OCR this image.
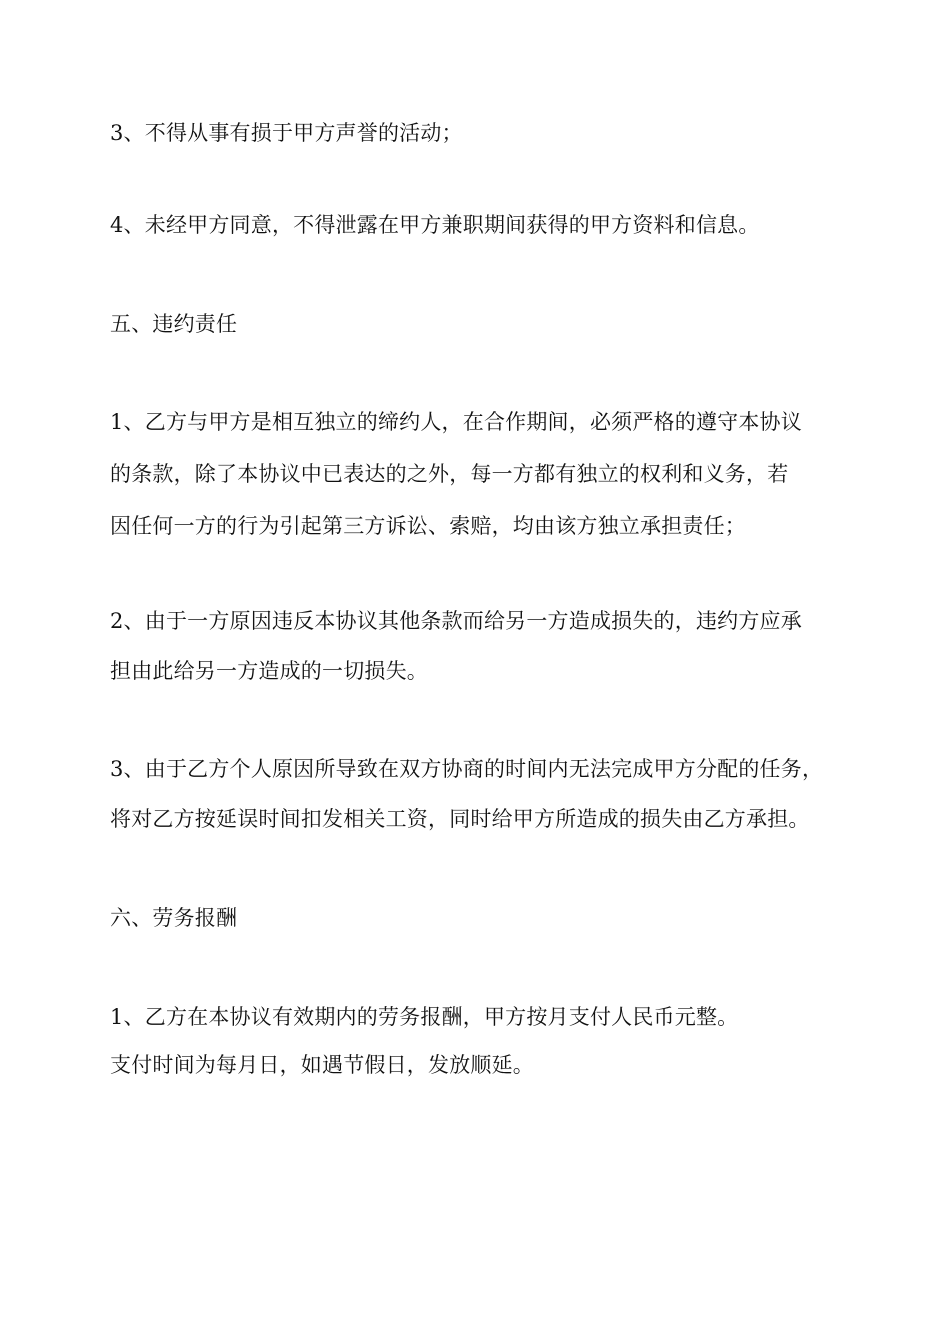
3、不得从事有损于甲方声誉的活动；
4、未经甲方同意，不得泄露在甲方兼职期间获得的甲方资料和信息。
五、违约责任
1、乙方与甲方是相互独立的缔约人，在合作期间，必须严格的遵守本协议
的条款，除了本协议中已表达的之外，每一方都有独立的权利和义务，若
因任何一方的行为引起第三方诉讼、索赔，均由该方独立承担责任；
2、由于一方原因违反本协议其他条款而给另一方造成损失的，违约方应承
担由此给另一方造成的一切损失。
3、由于乙方个人原因所导致在双方协商的时间内无法完成甲方分配的任务，
将对乙方按延误时间扣发相关工资，同时给甲方所造成的损失由乙方承担。
六、劳务报酬
1、乙方在本协议有效期内的劳务报酬，甲方按月支付人民币元整。
支付时间为每月日，如遇节假日，发放顺延。
